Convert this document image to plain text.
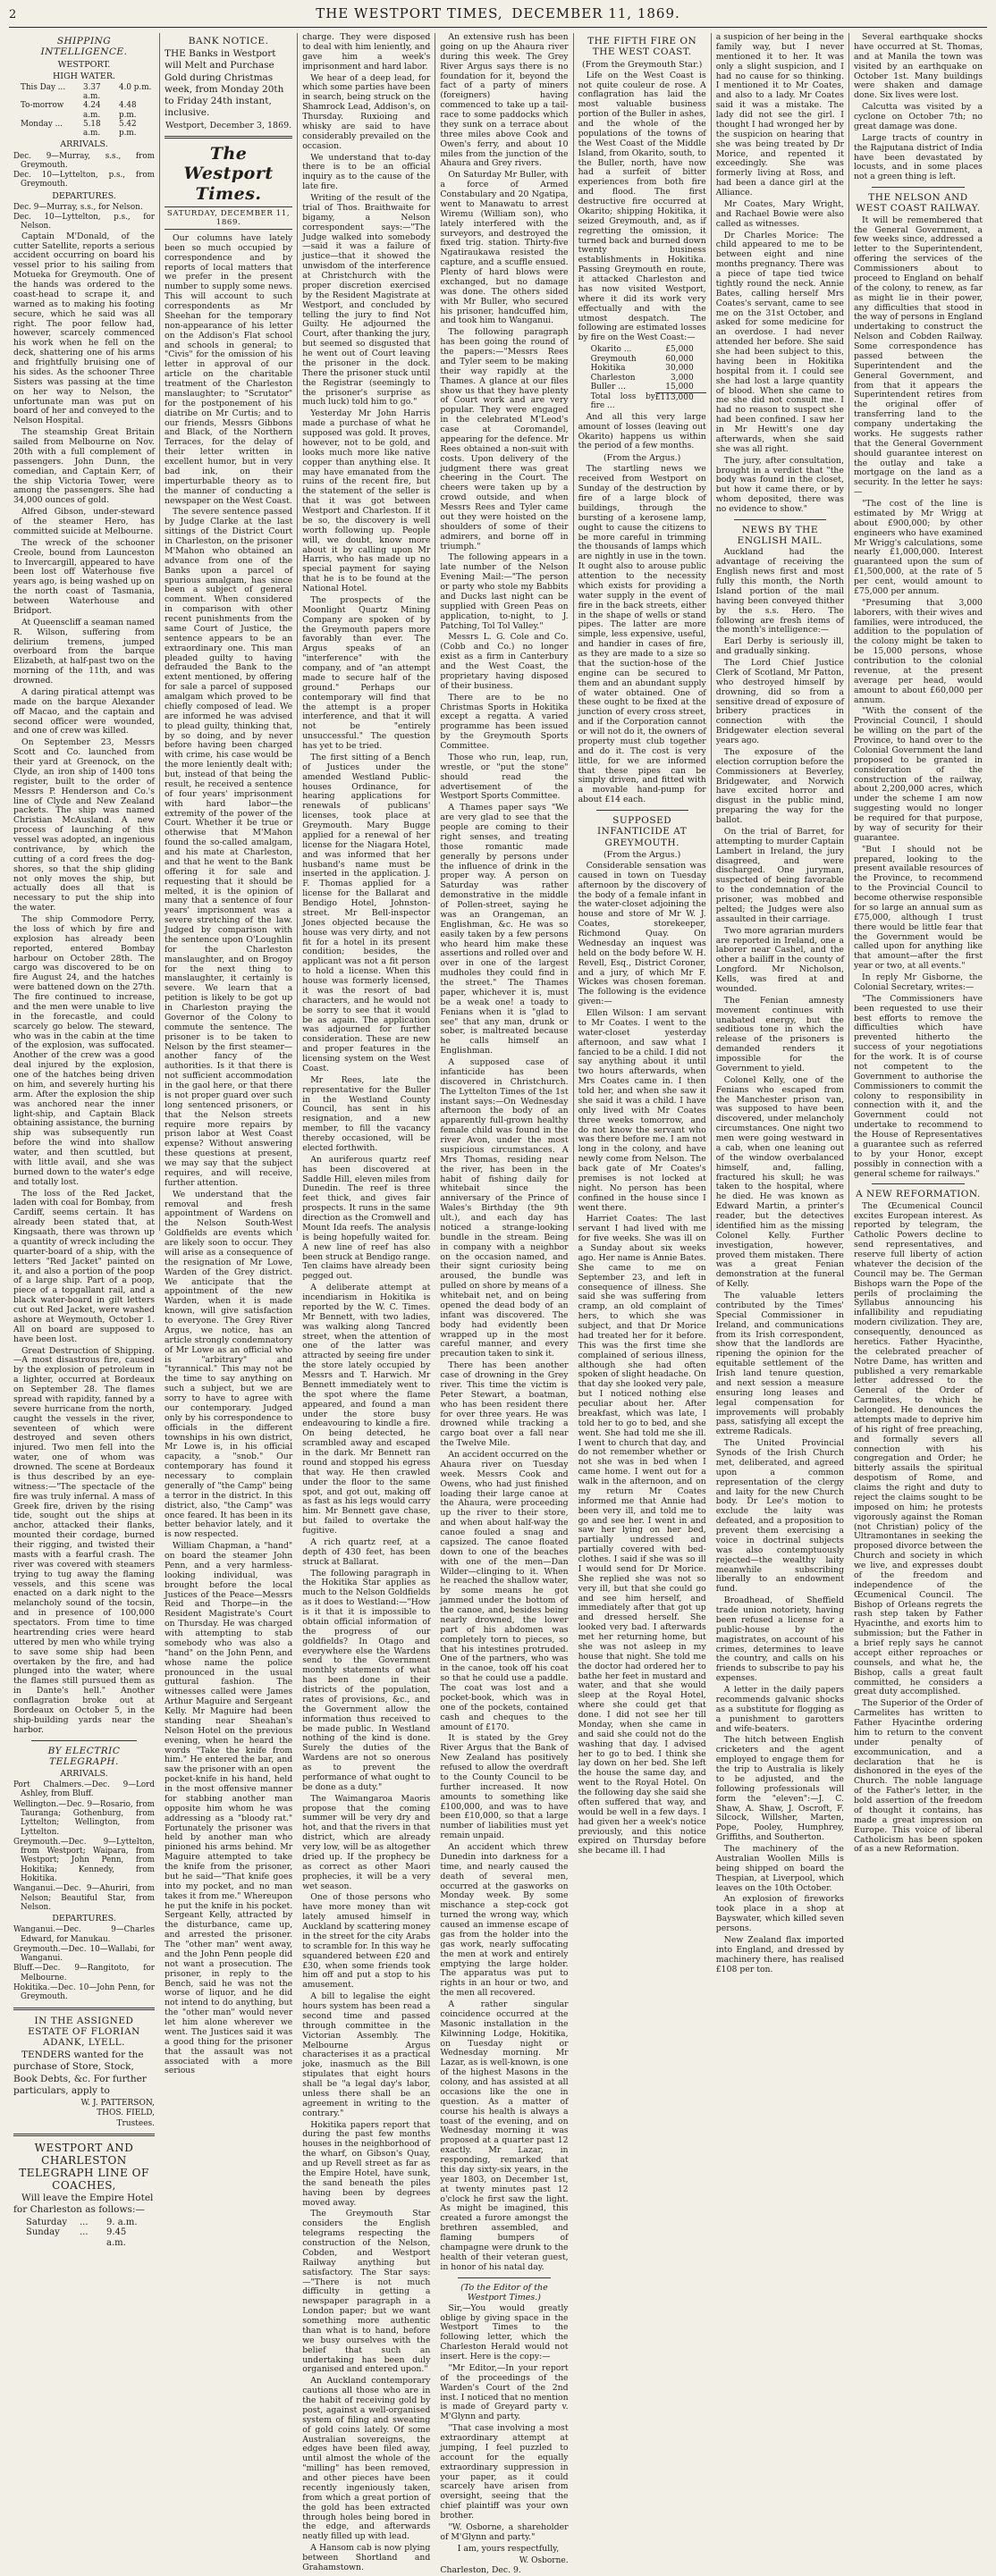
2	THE WESTPORT TIMES, DECEMBER 11, 1869.
SHIPPING INTELLIGENCE.
WESTPORT.
HIGH WATER.
This Day ...	3.37 a.m.
4.0 p.m.
To-morrow	4.24 a.m.
4.48 p.m.
Monday ...	5.18 a.m.
5.42 p.m.
ARRIVALS.
Dec. 9—Murray, s.s., from Greymouth.
Dec. 10—Lyttelton, p.s., from Greymouth.
DEPARTURES.
Dec. 9—Murray, s.s., for Nelson.
Dec. 10—Lyttelton, p.s., for Nelson.

Captain M'Donald, of the cutter Satellite, reports a serious accident occurring on board his vessel prior to his sailing from Motueka for Greymouth. One of the hands was ordered to the coast-head to scrape it, and warned as to making his footing secure, which he said was all right. The poor fellow had, however, scarcely commenced his work when he fell on the deck, shattering one of his arms and frightfully bruising one of his sides. As the schooner Three Sisters was passing at the time on her way to Nelson, the unfortunate man was put on board of her and conveyed to the Nelson Hospital.

The steamship Great Britain sailed from Melbourne on Nov. 20th with a full complement of passengers. John Dunn, the comedian, and Captain Kerr, of the ship Victoria Tower, were among the passengers. She had 34,000 ounces of gold.

Alfred Gibson, under-steward of the steamer Hero, has committed suicide at Melbourne.

The wreck of the schooner Creole, bound from Launceston to Invercargill, appeared to have been lost off Waterhouse five years ago, is being washed up on the north coast of Tasmania, between Waterhouse and Bridport.

At Queenscliff a seaman named R. Wilson, suffering from delirium tremens, jumped overboard from the barque Elizabeth, at half-past two on the morning of the 11th, and was drowned.

A daring piratical attempt was made on the barque Alexander off Macao, and the captain and second officer were wounded, and one of crew was killed.

On September 23, Messrs Scott and Co. launched from their yard at Greenock, on the Clyde, an iron ship of 1400 tons register, built to the order of Messrs P. Henderson and Co.'s line of Clyde and New Zealand packets. The ship was named Christian McAusland. A new process of launching of this vessel was adopted, an ingenious contrivance, by which the cutting of a cord frees the dog-shores, so that the ship gliding not only moves the ship, but actually does all that is necessary to put the ship into the water.

The ship Commodore Perry, the loss of which by fire and explosion has already been reported, entered Bombay harbour on October 28th. The cargo was discovered to be on fire August 24, and the hatches were battened down on the 27th. The fire continued to increase, and the men were unable to live in the forecastle, and could scarcely go below. The steward, who was in the cabin at the time of the explosion, was suffocated. Another of the crew was a good deal injured by the explosion, one of the hatches being driven on him, and severely hurting his arm. After the explosion the ship was anchored near the inner light-ship, and Captain Black obtaining assistance, the burning ship was subsequently run before the wind into shallow water, and then scuttled, but with little avail, and she was burned down to the water's edge and totally lost.

The loss of the Red Jacket, laden with coal for Bombay, from Cardiff, seems certain. It has already been stated that, at Kingsaath, there was thrown up a quantity of wreck including the quarter-board of a ship, with the letters "Red Jacket" painted on it, and also a portion of the poop of a large ship. Part of a poop, piece of a topgallant rail, and a black water-board in gilt letters cut out Red Jacket, were washed ashore at Weymouth, October 1. All on board are supposed to have been lost.

Great Destruction of Shipping.—A most disastrous fire, caused by the explosion of petroleum in a lighter, occurred at Bordeaux on September 28. The flames spread with rapidity, fanned by a severe hurricane from the north, caught the vessels in the river, seventeen of which were destroyed and seven others injured. Two men fell into the water, one of whom was drowned. The scene at Bordeaux is thus described by an eye-witness:—"The spectacle of the fire was truly infernal. A mass of Greek fire, driven by the rising tide, sought out the ships at anchor, attacked their flanks, mounted their cordage, burned their rigging, and twisted their masts with a fearful crash. The river was covered with steamers trying to tug away the flaming vessels, and this scene was enacted on a dark night to the melancholy sound of the tocsin, and in presence of 100,000 spectators. From time to time heartrending cries were heard uttered by men who while trying to save some ship had been overtaken by the fire, and had plunged into the water, where the flames still pursued them as in Dante's hell." Another conflagration broke out at Bordeaux on October 5, in the ship-building yards near the harbor.

BY ELECTRIC TELEGRAPH.
ARRIVALS.
Port Chalmers.—Dec. 9—Lord Ashley, from Bluff.
Wellington.—Dec. 9—Rosario, from Tauranga; Gothenburg, from Lyttelton; Wellington, from Lyttelton.
Greymouth.—Dec. 9—Lyttelton, from Westport; Waipara, from Westport; John Penn, from Hokitika; Kennedy, from Hokitika.
Wanganui.—Dec. 9—Ahuriri, from Nelson; Beautiful Star, from Nelson.
DEPARTURES.
Wanganui.—Dec. 9—Charles Edward, for Manukau.
Greymouth.—Dec. 10—Wallabi, for Wanganui.
Bluff.—Dec. 9—Rangitoto, for Melbourne.
Hokitika.—Dec. 10—John Penn, for Greymouth.
IN THE ASSIGNED ESTATE OF FLORIAN ADANK, LYELL.

TENDERS wanted for the purchase of Store, Stock, Book Debts, &c. For further particulars, apply to

W. J. PATTERSON,
THOS. FIELD,
Trustees.
WESTPORT AND CHARLESTON TELEGRAPH LINE OF COACHES,

Will leave the Empire Hotel for Charleston as follows:—

Saturday	...	9. a.m.
Sunday	...	9.45 a.m.
BANK NOTICE.

THE Banks in Westport will Melt and Purchase Gold during Christmas week, from Monday 20th to Friday 24th instant, inclusive.

Westport, December 3, 1869.
The Westport Times.
SATURDAY, DECEMBER 11, 1869.

Our columns have lately been so much occupied by correspondence and by reports of local matters that we prefer in the present number to supply some news. This will account to such correspondents as Mr Sheehan for the temporary non-appearance of his letter on the Addison's Flat school and schools in general; to "Civis" for the omission of his letter in approval of our article on the charitable treatment of the Charleston manslaughter; to "Scrutator" for the postponement of his diatribe on Mr Curtis; and to our friends, Messrs Gibbons and Black, of the Northern Terraces, for the delay of their letter written in excellent humor, but in very bad ink, on their imperturbable theory as to the manner of conducting a newspaper on the West Coast.

The severe sentence passed by Judge Clarke at the last sittings of the District Court in Charleston, on the prisoner M'Mahon who obtained an advance from one of the Banks upon a parcel of spurious amalgam, has since been a subject of general comment. When considered in comparison with other recent punishments from the same Court of Justice, the sentence appears to be an extraordinary one. This man pleaded guilty to having defrauded the Bank to the extent mentioned, by offering for sale a parcel of supposed amalgam which proved to be chiefly composed of lead. We are informed he was advised to plead guilty, thinking that, by so doing, and by never before having been charged with crime, his case would be the more leniently dealt with; but, instead of that being the result, he received a sentence of four years' imprisonment with hard labor—the extremity of the power of the Court. Whether it be true or otherwise that M'Mahon found the so-called amalgam, and his mate at Charleston, and that he went to the Bank offering it for sale and requesting that it should be melted, it is the opinion of many that a sentence of four years' imprisonment was a severe stretching of the law. Judged by comparison with the sentence upon O'Loughlin for the Charleston manslaughter, and on Brogoy for the next thing to manslaughter, it certainly is severe. We learn that a petition is likely to be got up in Charleston praying the Governor of the Colony to commute the sentence. The prisoner is to be taken to Nelson by the first steamer—another fancy of the authorities. Is it that there is not sufficient accommodation in the gaol here, or that there is not proper guard over such long sentenced prisoners, or that the Nelson streets require more repairs by prison labor at West Coast expense? Without answering these questions at present, we may say that the subject requires, and will receive, further attention.

We understand that the removal and fresh appointment of Wardens on the Nelson South-West Goldfields are events which are likely soon to occur. They will arise as a consequence of the resignation of Mr Lowe, Warden of the Grey district. We anticipate that the appointment of the new Warden, when it is made known, will give satisfaction to everyone. The Grey River Argus, we notice, has an article strongly condemnatory of Mr Lowe as an official who is "arbitrary" and "tyrannical." This may not be the time to say anything on such a subject, but we are sorry to have to agree with our contemporary. Judged only by his correspondence to officials in the different townships in his own district, Mr Lowe is, in his official capacity, a "snob." Our contemporary has found it necessary to complain generally of "the Camp" being a terror in the district. In this district, also, "the Camp" was once feared. It has been in its better behavior lately, and it is now respected.

William Chapman, a "hand" on board the steamer John Penn, and a very harmless-looking individual, was brought before the local Justices of the Peace—Messrs Reid and Thorpe—in the Resident Magistrate's Court on Thursday. He was charged with attempting to stab somebody who was also a "hand" on the John Penn, and whose name the police pronounced in the usual guttural fashion. The witnesses called were James Arthur Maguire and Sergeant Kelly. Mr Maguire had been standing near Sheahan's Nelson Hotel on the previous evening, when he heard the words "Take the knife from him." He entered the bar, and saw the prisoner with an open pocket-knife in his hand, held in the most offensive manner for stabbing another man opposite him whom he was addressing as a "bloody rat." Fortunately the prisoner was held by another man who pinioned his arms behind. Mr Maguire attempted to take the knife from the prisoner, but he said—"That knife goes into my pocket, and no man takes it from me." Whereupon he put the knife in his pocket. Sergeant Kelly, attracted by the disturbance, came up, and arrested the prisoner. The "other man" went away, and the John Penn people did not want a prosecution. The prisoner, in reply to the Bench, said he was not the worse of liquor, and he did not intend to do anything, but the "other man" would never let him alone wherever we went. The Justices said it was a good thing for the prisoner that the assault was not associated with a more serious

charge. They were disposed to deal with him leniently, and gave him a week's imprisonment and hard labor.

We hear of a deep lead, for which some parties have been in search, being struck on the Shamrock Lead, Addison's, on Thursday. Ruxioing and whisky are said to have considerably prevailed on the occasion.

We understand that to-day there is to be an official inquiry as to the cause of the late fire.

Writing of the result of the trial of Thos. Braithwaite for bigamy, a Nelson correspondent says:—"The Judge walked into somebody—said it was a failure of justice—that it showed the unwisdom of the interference at Christchurch with the proper discretion exercised by the Resident Magistrate at Westport, and concluded by telling the jury to find Not Guilty. He adjourned the Court, after thanking the jury, but seemed so disgusted that he went out of Court leaving the prisoner in the dock. There the prisoner stuck until the Registrar (seemingly to the prisoner's surprise as much luck) told him to go."

Yesterday Mr John Harris made a purchase of what he supposed was gold. It proves, however, not to be gold, and looks much more like native copper than anything else. It may have emanated from the ruins of the recent fire, but the statement of the seller is that it was got between Westport and Charleston. If it be so, the discovery is well worth following up. People will, we doubt, know more about it by calling upon Mr Harris, who has made up no special payment for saying that he is to be found at the National Hotel.

The prospects of the Moonlight Quartz Mining Company are spoken of by the Greymouth papers more favorably than ever. The Argus speaks of an "interference" with the company, and of "an attempt made to secure half of the ground." Perhaps our contemporary will find that the attempt is a proper interference, and that it will not be "entirely unsuccessful." The question has yet to be tried.

The first sitting of a Bench of Justices under the amended Westland Public-houses Ordinance, for hearing applications for renewals of publicans' licenses, took place at Greymouth. Mary Bugge applied for a renewal of her license for the Niagara Hotel, and was informed that her husband's name must be inserted in the application. J. F. Thomas applied for a license for the Ballarat and Bendigo Hotel, Johnston-street. Mr Bell-inspector Jones objected because the house was very dirty, and not fit for a hotel in its present condition; besides, the applicant was not a fit person to hold a license. When this house was formerly licensed, it was the resort of bad characters, and he would not be sorry to see that it would be as again. The application was adjourned for further consideration. These are new and proper features in the licensing system on the West Coast.

Mr Rees, late the representative for the Buller in the Westland County Council, has sent in his resignation, and a new member, to fill the vacancy thereby occasioned, will be elected forthwith.

An auriferous quartz reef has been discovered at Saddle Hill, eleven miles from Dunedin. The reef is three feet thick, and gives fair prospects. It runs in the same direction as the Cromwell and Mount Ida reefs. The analysis is being hopefully waited for. A new line of reef has also been struck at Bendigo range. Ten claims have already been pegged out.

A deliberate attempt at incendiarism in Hokitika is reported by the W. C. Times. Mr Bennett, with two ladies, was walking along Tancred street, when the attention of one of the latter was attracted by seeing fire under the store lately occupied by Messrs and T. Harwich. Mr Bennett immediately went to the spot where the flame appeared, and found a man under the store busy endeavouring to kindle a fire. On being detected, he scrambled away and escaped in the dark. Mr Bennett ran round and stopped his egress that way. He then crawled under the floor to the same spot, and got out, making off as fast as his legs would carry him. Mr Bennett gave chase, but failed to overtake the fugitive.

A rich quartz reef, at a depth of 430 feet, has been struck at Ballarat.

The following paragraph in the Hokitika Star applies as much to the Nelson Goldfields as it does to Westland:—"How is it that it is impossible to obtain official information of the progress of our goldfields? In Otago and everywhere else the Wardens send to the Government monthly statements of what has been done in their districts of the population, rates of provisions, &c., and the Government allow the information thus received to be made public. In Westland nothing of the kind is done. Surely the duties of the Wardens are not so onerous as to prevent the performance of what ought to be done as a duty."

The Waimangaroa Maoris propose that the coming summer will be very dry and hot, and that the rivers in that district, which are already very low, will be as altogether dried up. If the prophecy be as correct as other Maori prophecies, it will be a very wet season.

One of those persons who have more money than wit lately amused himself in Auckland by scattering money in the street for the city Arabs to scramble for. In this way he squandered between £20 and £30, when some friends took him off and put a stop to his amusement.

A bill to legalise the eight hours system has been read a second time and passed through committee in the Victorian Assembly. The Melbourne Argus characterises it as a practical joke, inasmuch as the Bill stipulates that eight hours shall be "a legal day's labor, unless there shall be an agreement in writing to the contrary."

Hokitika papers report that during the past few months houses in the neighborhood of the wharf, on Gibson's Quay, and up Revell street as far as the Empire Hotel, have sunk, the sand beneath the piles having been by degrees moved away.

The Greymouth Star considers the English telegrams respecting the construction of the Nelson, Cobden, and Westport Railway anything but satisfactory. The Star says:—"There is not much difficulty in getting a newspaper paragraph in a London paper; but we want something more authentic than what is to hand, before we busy ourselves with the belief that such an undertaking has been duly organised and entered upon."

An Auckland contemporary cautions all those who are in the habit of receiving gold by post, against a well-organised system of filing and sweating of gold coins lately. Of some Australian sovereigns, the edges have been filed away, until almost the whole of the "milling" has been removed, and other pieces have been recently ingeniously taken, from which a great portion of the gold has been extracted through holes being bored in the edge, and afterwards neatly filled up with lead.

A Hansom cab is now plying between Shortland and Grahamstown.

An extensive rush has been going on up the Ahaura river during this week. The Grey River Argus says there is no foundation for it, beyond the fact of a party of miners (foreigners) having commenced to take up a tail-race to some paddocks which they sunk on a terrace about three miles above Cook and Owen's ferry, and about 10 miles from the junction of the Ahaura and Grey rivers.

On Saturday Mr Buller, with a force of Armed Constabulary and 20 Ngatipa, went to Manawatu to arrest Wiremu (William son), who lately interfered with the surveyors, and destroyed the fixed trig. station. Thirty-five Ngatiraukawa resisted the capture, and a scuffle ensued. Plenty of hard blows were exchanged, but no damage was done. The others sided with Mr Buller, who secured his prisoner, handcuffed him, and took him to Wanganui.

The following paragraph has been going the round of the papers:—"Messrs Rees and Tyler seem to be making their way rapidly at the Thames. A glance at our files show us that they have plenty of Court work and are very popular. They were engaged in the celebrated M'Leod's case at Coromandel, appearing for the defence. Mr Rees obtained a non-suit with costs. Upon delivery of the judgment there was great cheering in the Court. The cheers were taken up by a crowd outside, and when Messrs Rees and Tyler came out they were hoisted on the shoulders of some of their admirers, and borne off in triumph."

The following appears in a late number of the Nelson Evening Mail:—"The person or party who stole my Babbits and Ducks last night can be supplied with Green Peas on application, to-night, to J. Patching, Tol Tol Valley."

Messrs L. G. Cole and Co. (Cobb and Co.) no longer exist as a firm in Canterbury and the West Coast, the proprietary having disposed of their business.

There are to be no Christmas Sports in Hokitika except a regatta. A varied programme has been issued by the Greymouth Sports Committee.

Those who run, leap, run, wrestle, or "put the stone" should read the advertisement of the Westport Sports Committee.

A Thames paper says "We are very glad to see that the people are coming to their right senses, and treating those romantic made generally by persons under the influence of drink in the proper way. A person on Saturday was rather demonstrative in the middle of Pollen-street, saying he was an Orangeman, an Englishman, &c. He was so easily taken by a few persons who heard him make these assertions and rolled over and over in one of the largest mudholes they could find in the street." The Thames paper, whichever it is, must be a weak one! a toady to Fenians when it is "glad to see" that any man, drunk or sober, is maltreated because he calls himself an Englishman.

A supposed case of infanticide has been discovered in Christchurch. The Lyttelton Times of the 1st instant says:—On Wednesday afternoon the body of an apparently full-grown healthy female child was found in the river Avon, under the most suspicious circumstances. A Mrs Thomas, residing near the river, has been in the habit of fishing daily for whitebait since the anniversary of the Prince of Wales's Birthday (the 9th ult.), and each day has noticed a strange-looking bundle in the stream. Being in company with a neighbor on the occasion named, and their signt curiosity being aroused, the bundle was pulled on shore by means of a whitebait net, and on being opened the dead body of an infant was discovered. The body had evidently been wrapped up in the most careful manner, and every precaution taken to sink it.

There has been another case of drowning in the Grey river. This time the victim is Peter Stewart, a boatman, who has been resident there for over three years. He was drowned while tracking a cargo boat over a fall near the Twelve Mile.

An accident occurred on the Ahaura river on Tuesday week. Messrs Cook and Owens, who had just finished loading their large canoe at the Ahaura, were proceeding up the river to their store, and when about half-way the canoe fouled a snag and capsized. The canoe floated down to one of the beaches with one of the men—Dan Wilder—clinging to it. When he reached the shallow water, by some means he got jammed under the bottom of the canoe, and, besides being nearly drowned, the lower part of his abdomen was completely torn to pieces, so that his intestines protruded. One of the partners, who was in the canoe, took off his coat so that he could use a paddle. The coat was lost and a pocket-book, which was in one of the pockets, contained cash and cheques to the amount of £170.

It is stated by the Grey River Argus that the Bank of New Zealand has positively refused to allow the overdraft to the County Council to be further increased. It now amounts to something like £100,000, and was to have been £10,000, so that a large number of liabilities must yet remain unpaid.

An accident which threw Dunedin into darkness for a time, and nearly caused the death of several men, occurred at the gasworks on Monday week. By some mischance a step-cock got turned the wrong way, which caused an immense escape of gas from the holder into the gas work, nearly suffocating the men at work and entirely emptying the large holder. The apparatus was put to rights in an hour or two, and the men all recovered.

A rather singular coincidence occurred at the Masonic installation in the Kilwinning Lodge, Hokitika, on Tuesday night or Wednesday morning. Mr Lazar, as is well-known, is one of the highest Masons in the colony, and has assisted at all occasions like the one in question. As a matter of course his health is always a toast of the evening, and on Wednesday morning it was proposed at a quarter past 12 exactly. Mr Lazar, in responding, remarked that this day sixty-six years, in the year 1803, on December 1st, at twenty minutes past 12 o'clock he first saw the light. As might be imagined, this created a furore amongst the brethren assembled, and flaming bumpers of champagne were drunk to the health of their veteran guest, in honor of his natal day.

(To the Editor of the Westport Times.)

Sir,—You would greatly oblige by giving space in the Westport Times to the following letter, which the Charleston Herald would not insert. Here is the copy:—

"Mr Editor,—In your report of the proceedings of the Warden's Court of the 2nd inst. I noticed that no mention is made of Greyard party v. M'Glynn and party.

"That case involving a most extraordinary attempt at jumping, I feel puzzled to account for the equally extraordinary suppression in your paper, as it could scarcely have arisen from oversight, seeing that the chief plaintiff was your own brother.

"W. Osborne, a shareholder of M'Glynn and party."

I am, yours respectfully,

W. Osborne.

Charleston, Dec. 9.

THE FIFTH FIRE ON THE WEST COAST.
(From the Greymouth Star.)

Life on the West Coast is not quite couleur de rose. A conflagration has laid the most valuable business portion of the Buller in ashes, and the whole of the populations of the towns of the West Coast of the Middle Island, from Okarito, south, to the Buller, north, have now had a surfeit of bitter experiences from both fire and flood. The first destructive fire occurred at Okarito; shipping Hokitika, it seized Greymouth, and, as if regretting the omission, it turned back and burned down twenty business establishments in Hokitika. Passing Greymouth en route, it attacked Charleston and has now visited Westport, where it did its work very effectually and with the utmost despatch. The following are estimated losses by fire on the West Coast:—

Okarito ...	£5,000
Greymouth	60,000
Hokitika	30,000
Charleston	3,000
Buller ...	15,000
Total loss by fire ...
£113,000

And all this very large amount of losses (leaving out Okarito) happens us within the period of a few months.

(From the Argus.)

The startling news we received from Westport on Sunday of the destruction by fire of a large block of buildings, through the bursting of a kerosene lamp, ought to cause the citizens to be more careful in trimming the thousands of lamps which are nightly in use in the town. It ought also to arouse public attention to the necessity which exists for providing a water supply in the event of fire in the back streets, either in the shape of wells or stand pipes. The latter are more simple, less expensive, useful, and handier in cases of fire, as they are made to a size so that the suction-hose of the engine can be secured to them and an abundant supply of water obtained. One of these ought to be fixed at the junction of every cross street, and if the Corporation cannot or will not do it, the owners of property must club together and do it. The cost is very little, for we are informed that these pipes can be simply driven, and fitted with a movable hand-pump for about £14 each.

SUPPOSED INFANTICIDE AT GREYMOUTH.
(From the Argus.)

Considerable sensation was caused in town on Tuesday afternoon by the discovery of the body of a female infant in the water-closet adjoining the house and store of Mr W. J. Coates, storekeeper, Richmond Quay. On Wednesday an inquest was held on the body before W. H. Revell, Esq., District Coroner, and a jury, of which Mr F. Wickes was chosen foreman. The following is the evidence given:—

Ellen Wilson: I am servant to Mr Coates. I went to the water-closet yesterday afternoon, and saw what I fancied to be a child. I did not say anything about it until two hours afterwards, when Mrs Coates came in. I then told her, and when she saw it she said it was a child. I have only lived with Mr Coates three weeks tomorrow, and do not know the servant who was there before me. I am not long in the colony, and have newly come from Nelson. The back gate of Mr Coates's premises is not locked at night. No person has been confined in the house since I went there.

Harriet Coates: The last servant I had lived with me for five weeks. She was ill on a Sunday about six weeks ago. Her name is Annie Bates. She came to me on September 23, and left in consequence of illness. She said she was suffering from cramp, an old complaint of hers, to which she was subject, and that Dr Morice had treated her for it before. This was the first time she complained of serious illness, although she had often spoken of slight headache. On that day she looked very pale, but I noticed nothing else peculiar about her. After breakfast, which was late, I told her to go to bed, and she went. She had told me she ill. I went to church that day, and do not remember whether or not she was in bed when I came home. I went out for a walk in the afternoon, and on my return Mr Coates informed me that Annie had been very ill, and told me to go and see her. I went in and saw her lying on her bed, partially undressed and partially covered with bed-clothes. I said if she was so ill I would send for Dr Morice. She replied she was not so very ill, but that she could go and see him herself, and immediately after that got up and dressed herself. She looked very bad. I afterwards met her returning home, but she was not asleep in my house that night. She told me the doctor had ordered her to bathe her feet in mustard and water, and that she would sleep at the Royal Hotel, where she could get that done. I did not see her till Monday, when she came in and said she could not do the washing that day. I advised her to go to bed. I think she lay down on her bed. She left the house the same day, and went to the Royal Hotel. On the following day she said she often suffered that way, and would be well in a few days. I had given her a week's notice previously, and this notice expired on Thursday before she became ill. I had

a suspicion of her being in the family way, but I never mentioned it to her. It was only a slight suspicion, and I had no cause for so thinking. I mentioned it to Mr Coates, and also to a lady. Mr Coates said it was a mistake. The lady did not see the girl. I thought I had wronged her by the suspicion on hearing that she was being treated by Dr Morice, and repented it exceedingly. She was formerly living at Ross, and had been a dance girl at the Alliance.

Mr Coates, Mary Wright, and Rachael Bowie were also called as witnesses.

Dr Charles Morice: The child appeared to me to be between eight and nine months pregnancy. There was a piece of tape tied twice tightly round the neck. Annie Bates, calling herself Mrs Coates's servant, came to see me on the 31st October, and asked for some medicine for an overdose. I had never attended her before. She said she had been subject to this, having been in Hokitika hospital from it. I could see she had lost a large quantity of blood. When she came to me she did not consult me. I had no reason to suspect she had been confined. I saw her in Mr Hewitt's one day afterwards, when she said she was all right.

The jury, after consultation, brought in a verdict that "the body was found in the closet, but how it came there, or by whom deposited, there was no evidence to show."

NEWS BY THE ENGLISH MAIL.

Auckland had the advantage of receiving the English news first and most fully this month, the North Island portion of the mail having been conveyed thither by the s.s. Hero. The following are fresh items of the month's intelligence:—

Earl Derby is seriously ill, and gradually sinking.

The Lord Chief Justice Clerk of Scotland, Mr Patton, who destroyed himself by drowning, did so from a sensitive dread of exposure of bribery practices in connection with the Bridgewater election several years ago.

The exposure of the election corruption before the Commissioners at Beverley, Bridgewater, and Norwich have excited horror and disgust in the public mind, preparing the way for the ballot.

On the trial of Barret, for attempting to murder Captain Lambert in Ireland, the jury disagreed, and were discharged. One juryman, suspected of being favorable to the condemnation of the prisoner, was mobbed and pelted; the Judges were also assaulted in their carriage.

Two more agrarian murders are reported in Ireland, one a laborer near Cashel, and the other a bailiff in the county of Longford. Mr Nicholson, Kells, was fired at and wounded.

The Fenian amnesty movement continues with unabated energy, but the seditious tone in which the release of the prisoners is demanded renders it impossible for the Government to yield.

Colonel Kelly, one of the Fenians who escaped from the Manchester prison van, was supposed to have been discovered, under melancholy circumstances. One night two men were going westward in a cab, when one leaning out of the window overbalanced himself, and, falling, fractured his skull; he was taken to the hospital, where he died. He was known as Edward Martin, a printer's reader, but the detectives identified him as the missing Colonel Kelly. Further investigation, however, proved them mistaken. There was a great Fenian demonstration at the funeral of Kelly.

The valuable letters contributed by the Times' Special Commissioner in Ireland, and communications from its Irish correspondent, show that the landlords are ripening the opinion for the equitable settlement of the Irish land tenure question, and next session a measure ensuring long leases and legal compensation for improvements will probably pass, satisfying all except the extreme Radicals.

The United Provincial Synods of the Irish Church met, deliberated, and agreed upon a common representation of the clergy and laity for the new Church body. Dr Lee's motion to exclude the laity was defeated, and a proposition to prevent them exercising a voice in doctrinal subjects was also contemptuously rejected—the wealthy laity meanwhile subscribing liberally to an endowment fund.

Broadhead, of Sheffield trade union notoriety, having been refused a license for a public-house by the magistrates, on account of his crimes, determines to leave the country, and calls on his friends to subscribe to pay his expenses.

A letter in the daily papers recommends galvanic shocks as a substitute for flogging as a punishment to garotters and wife-beaters.

The hitch between English cricketers and the agent employed to engage them for the trip to Australia is likely to be adjusted, and the following professionals will form the "eleven":—J. C. Shaw, A. Shaw, J. Oscroft, F. Silcock, Willsher, Marten, Pope, Pooley, Humphrey, Griffiths, and Southerton.

The machinery of the Australian Woollen Mills is being shipped on board the Thespian, at Liverpool, which leaves on the 10th October.

An explosion of fireworks took place in a shop at Bayswater, which killed seven persons.

New Zealand flax imported into England, and dressed by machinery there, has realised £108 per ton.

Several earthquake shocks have occurred at St. Thomas, and at Manila the town was visited by an earthquake on October 1st. Many buildings were shaken and damage done. Six lives were lost.

Calcutta was visited by a cyclone on October 7th; no great damage was done.

Large tracts of country in the Rajputana district of India have been devastated by locusts, and in some places not a green thing is left.

THE NELSON AND WEST COAST RAILWAY.

It will be remembered that the General Government, a few weeks since, addressed a letter to the Superintendent, offering the services of the Commissioners about to proceed to England on behalf of the colony, to renew, as far as might lie in their power, any difficulties that stood in the way of persons in England undertaking to construct the Nelson and Cobden Railway. Some correspondence has passed between the Superintendent and the General Government, and from that it appears the Superintendent retires from the original offer of transferring land to the company undertaking the works. He suggests rather that the General Government should guarantee interest on the outlay and take a mortgage on the land as a security. In the letter he says:—

"The cost of the line is estimated by Mr Wrigg at about £900,000; by other engineers who have examined Mr Wrigg's calculations, some nearly £1,000,000. Interest guaranteed upon the sum of £1,500,000, at the rate of 5 per cent, would amount to £75,000 per annum.

"Presuming that 3,000 laborers, with their wives and families, were introduced, the addition to the population of the colony might be taken to be 15,000 persons, whose contribution to the colonial revenue, at the present average per head, would amount to about £60,000 per annum.

"With the consent of the Provincial Council, I should be willing on the part of the Province, to hand over to the Colonial Government the land proposed to be granted in consideration of the construction of the railway, about 2,200,000 acres, which under the scheme I am now suggesting would no longer be required for that purpose, by way of security for their guarantee.

"But I should not be prepared, looking to the present available resources of the Province, to recommend to the Provincial Council to become otherwise responsible for so large an annual sum as £75,000, although I trust there would be little fear that the Government would be called upon for anything like that amount—after the first year or two, at all events."

In reply Mr Gisborne, the Colonial Secretary, writes:—

"The Commissioners have been requested to use their best efforts to remove the difficulties which have prevented hitherto the success of your negotiations for the work. It is of course not competent to the Government to authorise the Commissioners to commit the colony to responsibility in connection with it, and the Government could not undertake to recommend to the House of Representatives a guarantee such as referred to by your Honor, except possibly in connection with a general scheme for railways."

A NEW REFORMATION.

The Œcumenical Council excites European interest. As reported by telegram, the Catholic Powers decline to send representatives, and reserve full liberty of action whatever the decision of the Council may be. The German Bishops warn the Pope of the perils of proclaiming the Syllabus announcing his infallibility and repudiating modern civilization. They are, consequently, denounced as heretics. Father Hyacinthe, the celebrated preacher of Notre Dame, has written and published a very remarkable letter addressed to the General of the Order of Carmelites, to which he belonged. He denounces the attempts made to deprive him of his right of free preaching, and formally severs all connection with his congregation and Order; he bitterly assails the spiritual despotism of Rome, and claims the right and duty to reject the claims sought to be imposed on him; he protests vigorously against the Roman (not Christian) policy of the Ultramontanes in seeking the proposed divorce between the Church and society in which we live, and expresses doubt of the freedom and independence of the Œcumenical Council. The Bishop of Orleans regrets the rash step taken by Father Hyacinthe, and exorts him to submission; but the Father in a brief reply says he cannot accept either reproaches or counsels, and what he, the Bishop, calls a great fault committed, he considers a great duty accomplished.

The Superior of the Order of Carmelites has written to Father Hyacinthe ordering him to return to the convent under penalty of excommunication, and a declaration that he is dishonored in the eyes of the Church. The noble language of the Father's letter, in the bold assertion of the freedom of thought it contains, has made a great impression on Europe. This voice of liberal Catholicism has been spoken of as a new Reformation.
